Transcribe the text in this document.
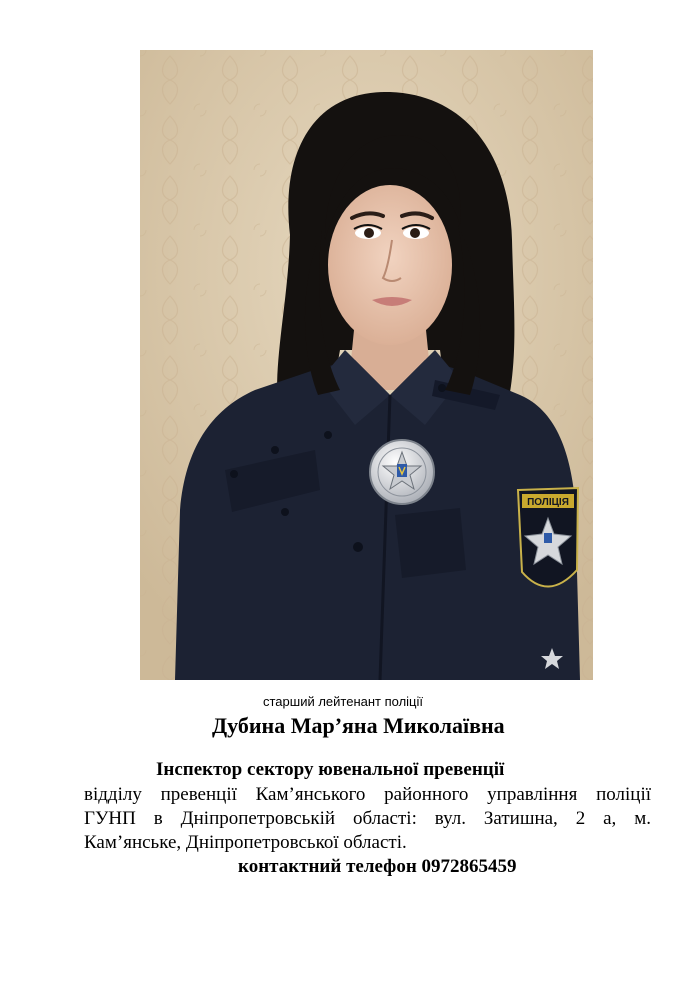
ПОЛІЦІЯ
старший лейтенант поліції
Дубина Мар’яна Миколаївна
Інспектор сектору ювенальної превенції
відділу превенції Кам’янського районного управління поліції
ГУНП в Дніпропетровській області: вул. Затишна, 2 а, м.
Кам’янське, Дніпропетровської області.
контактний телефон 0972865459
